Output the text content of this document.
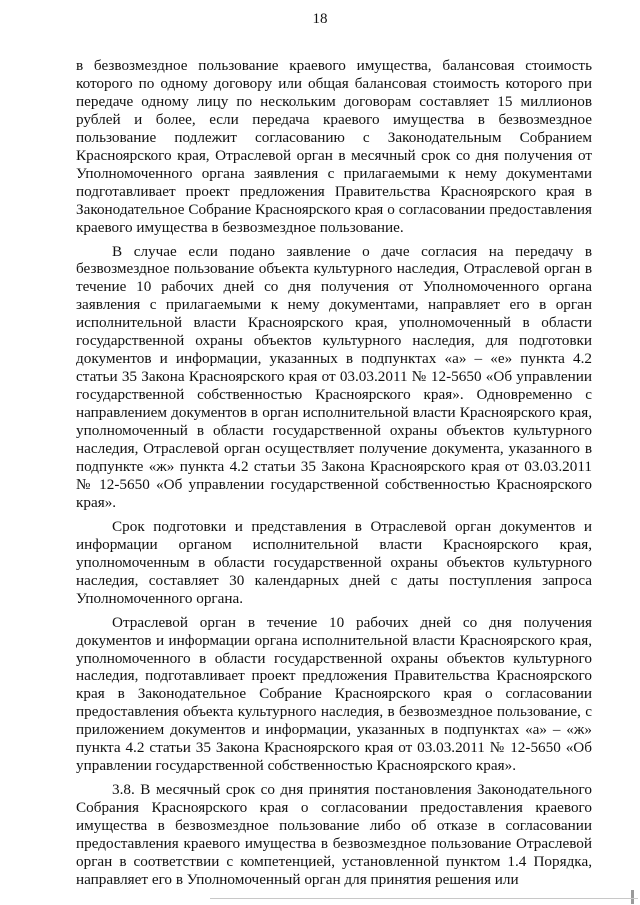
18

в безвозмездное пользование краевого имущества, балансовая стоимость которого по одному договору или общая балансовая стоимость которого при передаче одному лицу по нескольким договорам составляет 15 миллионов рублей и более, если передача краевого имущества в безвозмездное пользование подлежит согласованию с Законодательным Собранием Красноярского края, Отраслевой орган в месячный срок со дня получения от Уполномоченного органа заявления с прилагаемыми к нему документами подготавливает проект предложения Правительства Красноярского края в Законодательное Собрание Красноярского края о согласовании предоставления краевого имущества в безвозмездное пользование.

В случае если подано заявление о даче согласия на передачу в безвозмездное пользование объекта культурного наследия, Отраслевой орган в течение 10 рабочих дней со дня получения от Уполномоченного органа заявления с прилагаемыми к нему документами, направляет его в орган исполнительной власти Красноярского края, уполномоченный в области государственной охраны объектов культурного наследия, для подготовки документов и информации, указанных в подпунктах «а» – «е» пункта 4.2 статьи 35 Закона Красноярского края от 03.03.2011 № 12-5650 «Об управлении государственной собственностью Красноярского края». Одновременно с направлением документов в орган исполнительной власти Красноярского края, уполномоченный в области государственной охраны объектов культурного наследия, Отраслевой орган осуществляет получение документа, указанного в подпункте «ж» пункта 4.2 статьи 35 Закона Красноярского края от 03.03.2011 № 12-5650 «Об управлении государственной собственностью Красноярского края».

Срок подготовки и представления в Отраслевой орган документов и информации органом исполнительной власти Красноярского края, уполномоченным в области государственной охраны объектов культурного наследия, составляет 30 календарных дней с даты поступления запроса Уполномоченного органа.

Отраслевой орган в течение 10 рабочих дней со дня получения документов и информации органа исполнительной власти Красноярского края, уполномоченного в области государственной охраны объектов культурного наследия, подготавливает проект предложения Правительства Красноярского края в Законодательное Собрание Красноярского края о согласовании предоставления объекта культурного наследия, в безвозмездное пользование, с приложением документов и информации, указанных в подпунктах «а» – «ж» пункта 4.2 статьи 35 Закона Красноярского края от 03.03.2011 № 12-5650 «Об управлении государственной собственностью Красноярского края».

3.8. В месячный срок со дня принятия постановления Законодательного Собрания Красноярского края о согласовании предоставления краевого имущества в безвозмездное пользование либо об отказе в согласовании предоставления краевого имущества в безвозмездное пользование Отраслевой орган в соответствии с компетенцией, установленной пунктом 1.4 Порядка, направляет его в Уполномоченный орган для принятия решения или
